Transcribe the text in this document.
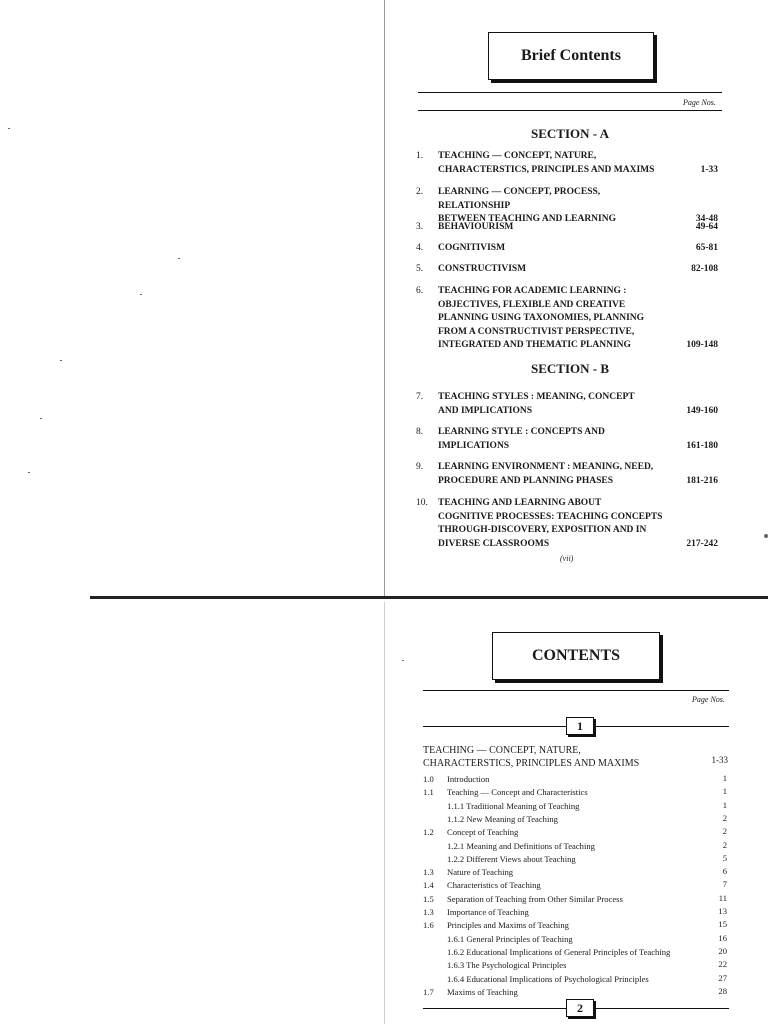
Brief Contents
Page Nos.
SECTION - A
SECTION - B
1. TEACHING — CONCEPT, NATURE,
CHARACTERSTICS, PRINCIPLES AND MAXIMS	1-33
2. LEARNING — CONCEPT, PROCESS, RELATIONSHIP
BETWEEN TEACHING AND LEARNING	34-48
3. BEHAVIOURISM	49-64
4. COGNITIVISM	65-81
5. CONSTRUCTIVISM	82-108
6. TEACHING FOR ACADEMIC LEARNING :
OBJECTIVES, FLEXIBLE AND CREATIVE
PLANNING USING TAXONOMIES, PLANNING
FROM A CONSTRUCTIVIST PERSPECTIVE,
INTEGRATED AND THEMATIC PLANNING	109-148
7. TEACHING STYLES : MEANING, CONCEPT
AND IMPLICATIONS	149-160
8. LEARNING STYLE : CONCEPTS AND
IMPLICATIONS	161-180
9. LEARNING ENVIRONMENT : MEANING, NEED,
PROCEDURE AND PLANNING PHASES	181-216
10. TEACHING AND LEARNING ABOUT
COGNITIVE PROCESSES: TEACHING CONCEPTS
THROUGH-DISCOVERY, EXPOSITION AND IN
DIVERSE CLASSROOMS	217-242
(vii)
CONTENTS
Page Nos.
1
TEACHING — CONCEPT, NATURE,
CHARACTERSTICS, PRINCIPLES AND MAXIMS	1-33
1.0 Introduction	1
1.1 Teaching — Concept and Characteristics	1
1.1.1 Traditional Meaning of Teaching	1
1.1.2 New Meaning of Teaching	2
1.2 Concept of Teaching	2
1.2.1 Meaning and Definitions of Teaching	2
1.2.2 Different Views about Teaching	5
1.3 Nature of Teaching	6
1.4 Characteristics of Teaching	7
1.5 Separation of Teaching from Other Similar Process	11
1.3 Importance of Teaching	13
1.6 Principles and Maxims of Teaching	15
1.6.1 General Principles of Teaching	16
1.6.2 Educational Implications of General Principles of Teaching	20
1.6.3 The Psychological Principles	22
1.6.4 Educational Implications of Psychological Principles	27
1.7 Maxims of Teaching	28
2
